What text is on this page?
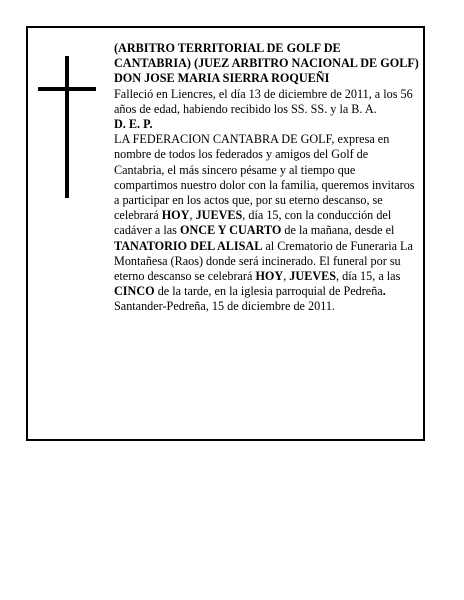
(ARBITRO TERRITORIAL DE GOLF DE CANTABRIA) (JUEZ ARBITRO NACIONAL DE GOLF)

DON JOSE MARIA SIERRA ROQUEÑI

Falleció en Liencres, el día 13 de diciembre de 2011, a los 56 años de edad, habiendo recibido los SS. SS. y la B. A.

D. E. P.

LA FEDERACION CANTABRA DE GOLF, expresa en nombre de todos los federados y amigos del Golf de Cantabria, el más sincero pésame y al tiempo que compartimos nuestro dolor con la familia, queremos invitaros a participar en los actos que, por su eterno descanso, se celebrará HOY, JUEVES, día 15, con la conducción del cadáver a las ONCE Y CUARTO de la mañana, desde el TANATORIO DEL ALISAL al Crematorio de Funeraria La Montañesa (Raos) donde será incinerado. El funeral por su eterno descanso se celebrará HOY, JUEVES, día 15, a las CINCO de la tarde, en la iglesia parroquial de Pedreña.

Santander-Pedreña, 15 de diciembre de 2011.
